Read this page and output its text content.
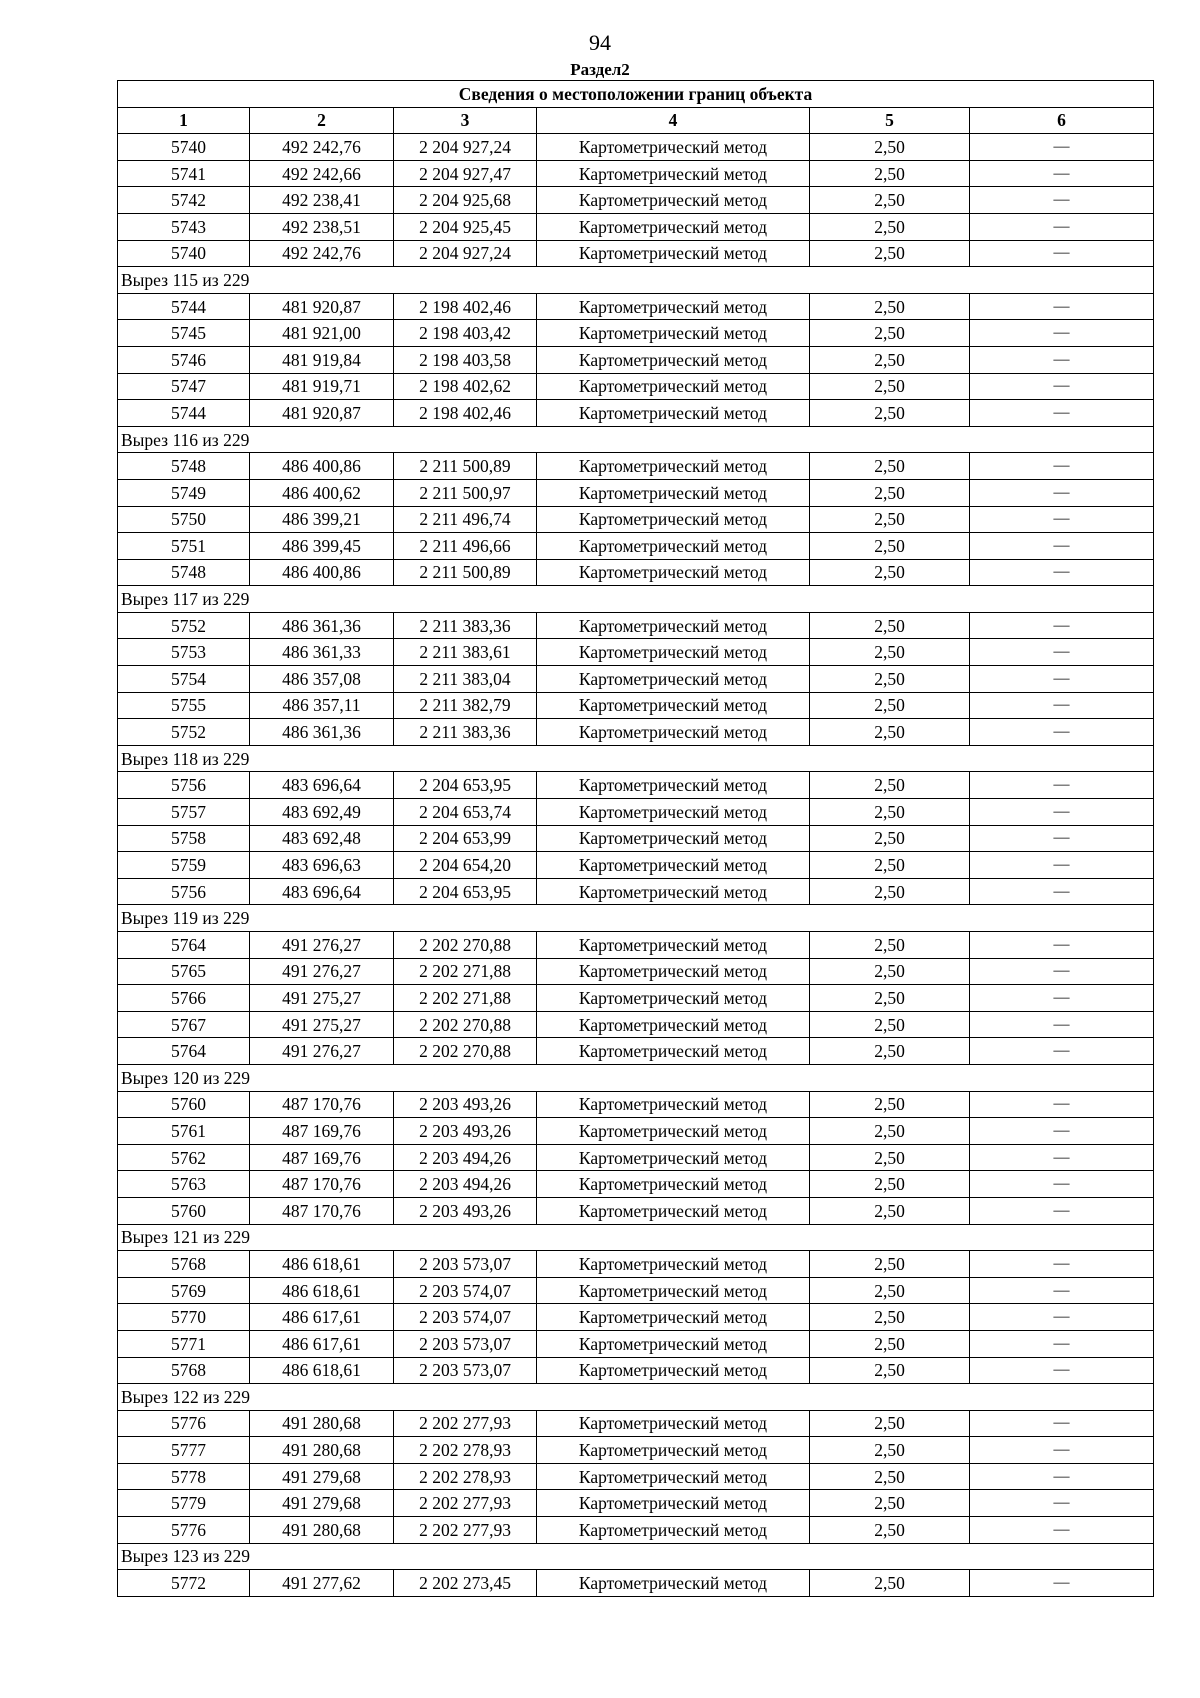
94
Раздел2
Сведения о местоположении границ объекта					
1	2	3	4	5	6
5740	492 242,76	2 204 927,24	Картометрический метод	2,50	—
5741	492 242,66	2 204 927,47	Картометрический метод	2,50	—
5742	492 238,41	2 204 925,68	Картометрический метод	2,50	—
5743	492 238,51	2 204 925,45	Картометрический метод	2,50	—
5740	492 242,76	2 204 927,24	Картометрический метод	2,50	—
Вырез 115 из 229					
5744	481 920,87	2 198 402,46	Картометрический метод	2,50	—
5745	481 921,00	2 198 403,42	Картометрический метод	2,50	—
5746	481 919,84	2 198 403,58	Картометрический метод	2,50	—
5747	481 919,71	2 198 402,62	Картометрический метод	2,50	—
5744	481 920,87	2 198 402,46	Картометрический метод	2,50	—
Вырез 116 из 229					
5748	486 400,86	2 211 500,89	Картометрический метод	2,50	—
5749	486 400,62	2 211 500,97	Картометрический метод	2,50	—
5750	486 399,21	2 211 496,74	Картометрический метод	2,50	—
5751	486 399,45	2 211 496,66	Картометрический метод	2,50	—
5748	486 400,86	2 211 500,89	Картометрический метод	2,50	—
Вырез 117 из 229					
5752	486 361,36	2 211 383,36	Картометрический метод	2,50	—
5753	486 361,33	2 211 383,61	Картометрический метод	2,50	—
5754	486 357,08	2 211 383,04	Картометрический метод	2,50	—
5755	486 357,11	2 211 382,79	Картометрический метод	2,50	—
5752	486 361,36	2 211 383,36	Картометрический метод	2,50	—
Вырез 118 из 229					
5756	483 696,64	2 204 653,95	Картометрический метод	2,50	—
5757	483 692,49	2 204 653,74	Картометрический метод	2,50	—
5758	483 692,48	2 204 653,99	Картометрический метод	2,50	—
5759	483 696,63	2 204 654,20	Картометрический метод	2,50	—
5756	483 696,64	2 204 653,95	Картометрический метод	2,50	—
Вырез 119 из 229					
5764	491 276,27	2 202 270,88	Картометрический метод	2,50	—
5765	491 276,27	2 202 271,88	Картометрический метод	2,50	—
5766	491 275,27	2 202 271,88	Картометрический метод	2,50	—
5767	491 275,27	2 202 270,88	Картометрический метод	2,50	—
5764	491 276,27	2 202 270,88	Картометрический метод	2,50	—
Вырез 120 из 229					
5760	487 170,76	2 203 493,26	Картометрический метод	2,50	—
5761	487 169,76	2 203 493,26	Картометрический метод	2,50	—
5762	487 169,76	2 203 494,26	Картометрический метод	2,50	—
5763	487 170,76	2 203 494,26	Картометрический метод	2,50	—
5760	487 170,76	2 203 493,26	Картометрический метод	2,50	—
Вырез 121 из 229					
5768	486 618,61	2 203 573,07	Картометрический метод	2,50	—
5769	486 618,61	2 203 574,07	Картометрический метод	2,50	—
5770	486 617,61	2 203 574,07	Картометрический метод	2,50	—
5771	486 617,61	2 203 573,07	Картометрический метод	2,50	—
5768	486 618,61	2 203 573,07	Картометрический метод	2,50	—
Вырез 122 из 229					
5776	491 280,68	2 202 277,93	Картометрический метод	2,50	—
5777	491 280,68	2 202 278,93	Картометрический метод	2,50	—
5778	491 279,68	2 202 278,93	Картометрический метод	2,50	—
5779	491 279,68	2 202 277,93	Картометрический метод	2,50	—
5776	491 280,68	2 202 277,93	Картометрический метод	2,50	—
Вырез 123 из 229					
5772	491 277,62	2 202 273,45	Картометрический метод	2,50	—
